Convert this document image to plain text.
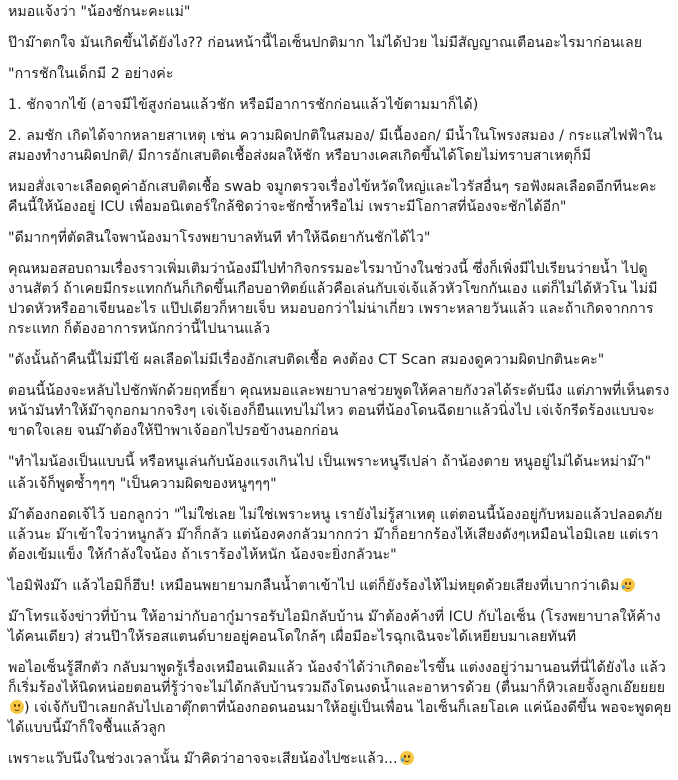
หมอแจ้งว่า "น้องชักนะคะแม่"

ป๊าม๊าตกใจ มันเกิดขึ้นได้ยังไง?? ก่อนหน้านี้ไอเซ็นปกติมาก ไม่ได้ป่วย ไม่มีสัญญาณเตือนอะไรมาก่อนเลย

"การชักในเด็กมี 2 อย่างค่ะ

1. ชักจากไข้ (อาจมีไข้สูงก่อนแล้วชัก หรือมีอาการชักก่อนแล้วไข้ตามมาก็ได้)

2. ลมชัก เกิดได้จากหลายสาเหตุ เช่น ความผิดปกติในสมอง/ มีเนื้องอก/ มีน้ำในโพรงสมอง / กระแสไฟฟ้าในสมองทำงานผิดปกติ/ มีการอักเสบติดเชื้อส่งผลให้ชัก หรือบางเคสเกิดขึ้นได้โดยไม่ทราบสาเหตุก็มี

หมอสั่งเจาะเลือดดูค่าอักเสบติดเชื้อ swab จมูกตรวจเรื่องไข้หวัดใหญ่และไวรัสอื่นๆ รอฟังผลเลือดอีกทีนะคะ คืนนี้ให้น้องอยู่ ICU เพื่อมอนิเตอร์ใกล้ชิดว่าจะชักซ้ำหรือไม่ เพราะมีโอกาสที่น้องจะชักได้อีก"

"ดีมากๆที่ตัดสินใจพาน้องมาโรงพยาบาลทันที ทำให้ฉีดยากันชักได้ไว"

คุณหมอสอบถามเรื่องราวเพิ่มเติมว่าน้องมีไปทำกิจกรรมอะไรมาบ้างในช่วงนี้ ซึ่งก็เพิ่งมีไปเรียนว่ายน้ำ ไปดูงานสัตว์ ถ้าเคยมีกระแทกกันก็เกิดขึ้นเกือบอาทิตย์แล้วคือเล่นกับเจ่เจ้แล้วหัวโขกกันเอง แต่ก็ไม่ได้หัวโน ไม่มีปวดหัวหรืออาเจียนอะไร แป๊ปเดียวก็หายเจ็บ หมอบอกว่าไม่น่าเกี่ยว เพราะหลายวันแล้ว และถ้าเกิดจากการกระแทก ก็ต้องอาการหนักกว่านี้ไปนานแล้ว

"ดังนั้นถ้าคืนนี้ไม่มีไข้ ผลเลือดไม่มีเรื่องอักเสบติดเชื้อ คงต้อง CT Scan สมองดูความผิดปกตินะคะ"

ตอนนี้น้องจะหลับไปชักพักด้วยฤทธิ์ยา คุณหมอและพยาบาลช่วยพูดให้คลายกังวลได้ระดับนึง แต่ภาพที่เห็นตรงหน้ามันทำให้ม๊าจุกอกมากจริงๆ เจ่เจ้เองก็ยืนแทบไม่ไหว ตอนที่น้องโดนฉีดยาแล้วนิ่งไป เจ่เจ้กรีดร้องแบบจะขาดใจเลย จนม๊าต้องให้ป๊าพาเจ้ออกไปรอข้างนอกก่อน

"ทำไมน้องเป็นแบบนี้ หรือหนูเล่นกับน้องแรงเกินไป เป็นเพราะหนูรึเปล่า ถ้าน้องตาย หนูอยู่ไม่ได้นะหม่าม๊า"

แล้วเจ้ก็พูดซ้ำๆๆๆ "เป็นความผิดของหนูๆๆๆ"

ม๊าต้องกอดเจ้ไว้ บอกลูกว่า "ไม่ใช่เลย ไม่ใช่เพราะหนู เรายังไม่รู้สาเหตุ แต่ตอนนี้น้องอยู่กับหมอแล้วปลอดภัยแล้วนะ ม๊าเข้าใจว่าหนูกลัว ม๊าก็กลัว แต่น้องคงกลัวมากกว่า ม๊าก็อยากร้องไห้เสียงดังๆเหมือนไอมิเลย แต่เราต้องเข้มแข็ง ให้กำลังใจน้อง ถ้าเราร้องไห้หนัก น้องจะยิ่งกลัวนะ"

ไอมิฟังม๊า แล้วไอมิก็ฮึบ! เหมือนพยายามกลืนน้ำตาเข้าไป แต่ก็ยังร้องไห้ไม่หยุดด้วยเสียงที่เบากว่าเดิม

ม๊าโทรแจ้งข่าวที่บ้าน ให้อาม่ากับอากู๋มารอรับไอมิกลับบ้าน ม๊าต้องค้างที่ ICU กับไอเซ็น (โรงพยาบาลให้ค้างได้คนเดียว) ส่วนป๊าให้รอสแตนด์บายอยู่คอนโดใกล้ๆ เผื่อมีอะไรฉุกเฉินจะได้เหยียบมาเลยทันที

พอไอเซ็นรู้สึกตัว กลับมาพูดรู้เรื่องเหมือนเดิมแล้ว น้องจำได้ว่าเกิดอะไรขึ้น แต่งงอยู่ว่ามานอนที่นี่ได้ยังไง แล้วก็เริ่มร้องไห้นิดหน่อยตอนที่รู้ว่าจะไม่ได้กลับบ้านรวมถึงโดนงดน้ำและอาหารด้วย (ตื่นมาก็หิวเลยจั้งลูกเอ๊ยยยย
) เจ่เจ้กับป๊าเลยกลับไปเอาตุ๊กตาที่น้องกอดนอนมาให้อยู่เป็นเพื่อน ไอเซ็นก็เลยโอเค แค่น้องดีขึ้น พอจะพูดคุยได้แบบนี้ม๊าก็ใจชื้นแล้วลูก

เพราะแว๊บนึงในช่วงเวลานั้น ม๊าคิดว่าอาจจะเสียน้องไปซะแล้ว...
